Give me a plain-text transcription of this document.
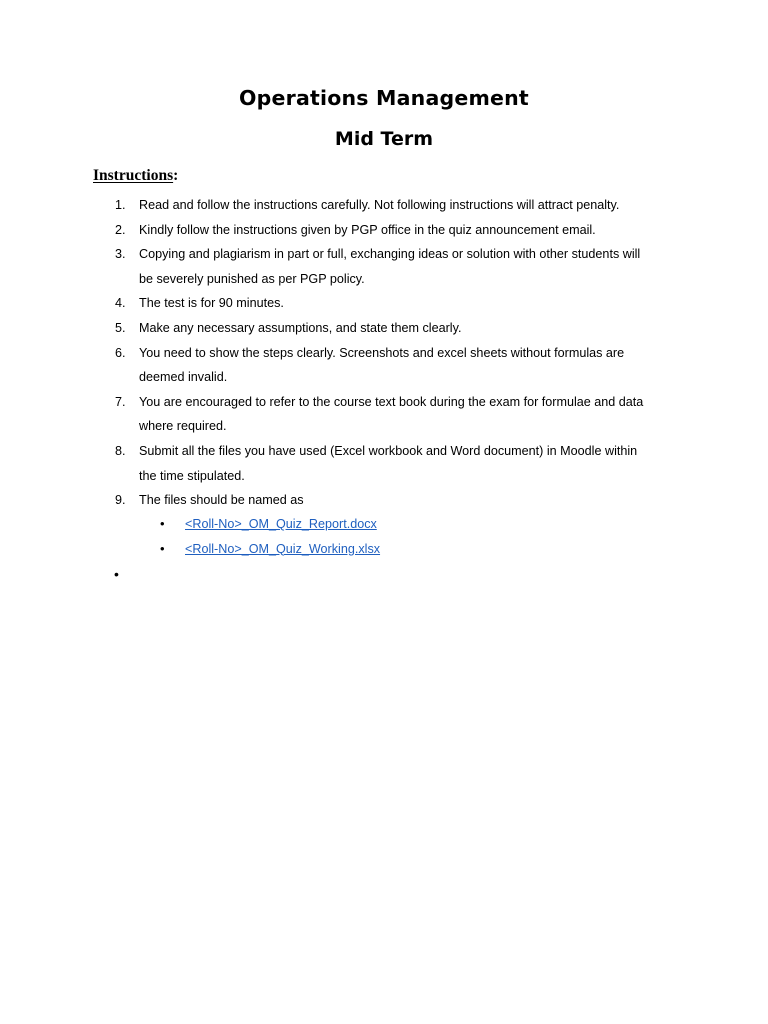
Operations Management
Mid Term
Instructions:
1.	Read and follow the instructions carefully. Not following instructions will attract penalty.
2.	Kindly follow the instructions given by PGP office in the quiz announcement email.
3.	Copying and plagiarism in part or full, exchanging ideas or solution with other students will
be severely punished as per PGP policy.
4.	The test is for 90 minutes.
5.	Make any necessary assumptions, and state them clearly.
6.	You need to show the steps clearly. Screenshots and excel sheets without formulas are
deemed invalid.
7.	You are encouraged to refer to the course text book during the exam for formulae and data
where required.
8.	Submit all the files you have used (Excel workbook and Word document) in Moodle within
the time stipulated.
9.	The files should be named as
• <Roll-No>_OM_Quiz_Report.docx
• <Roll-No>_OM_Quiz_Working.xlsx
•
